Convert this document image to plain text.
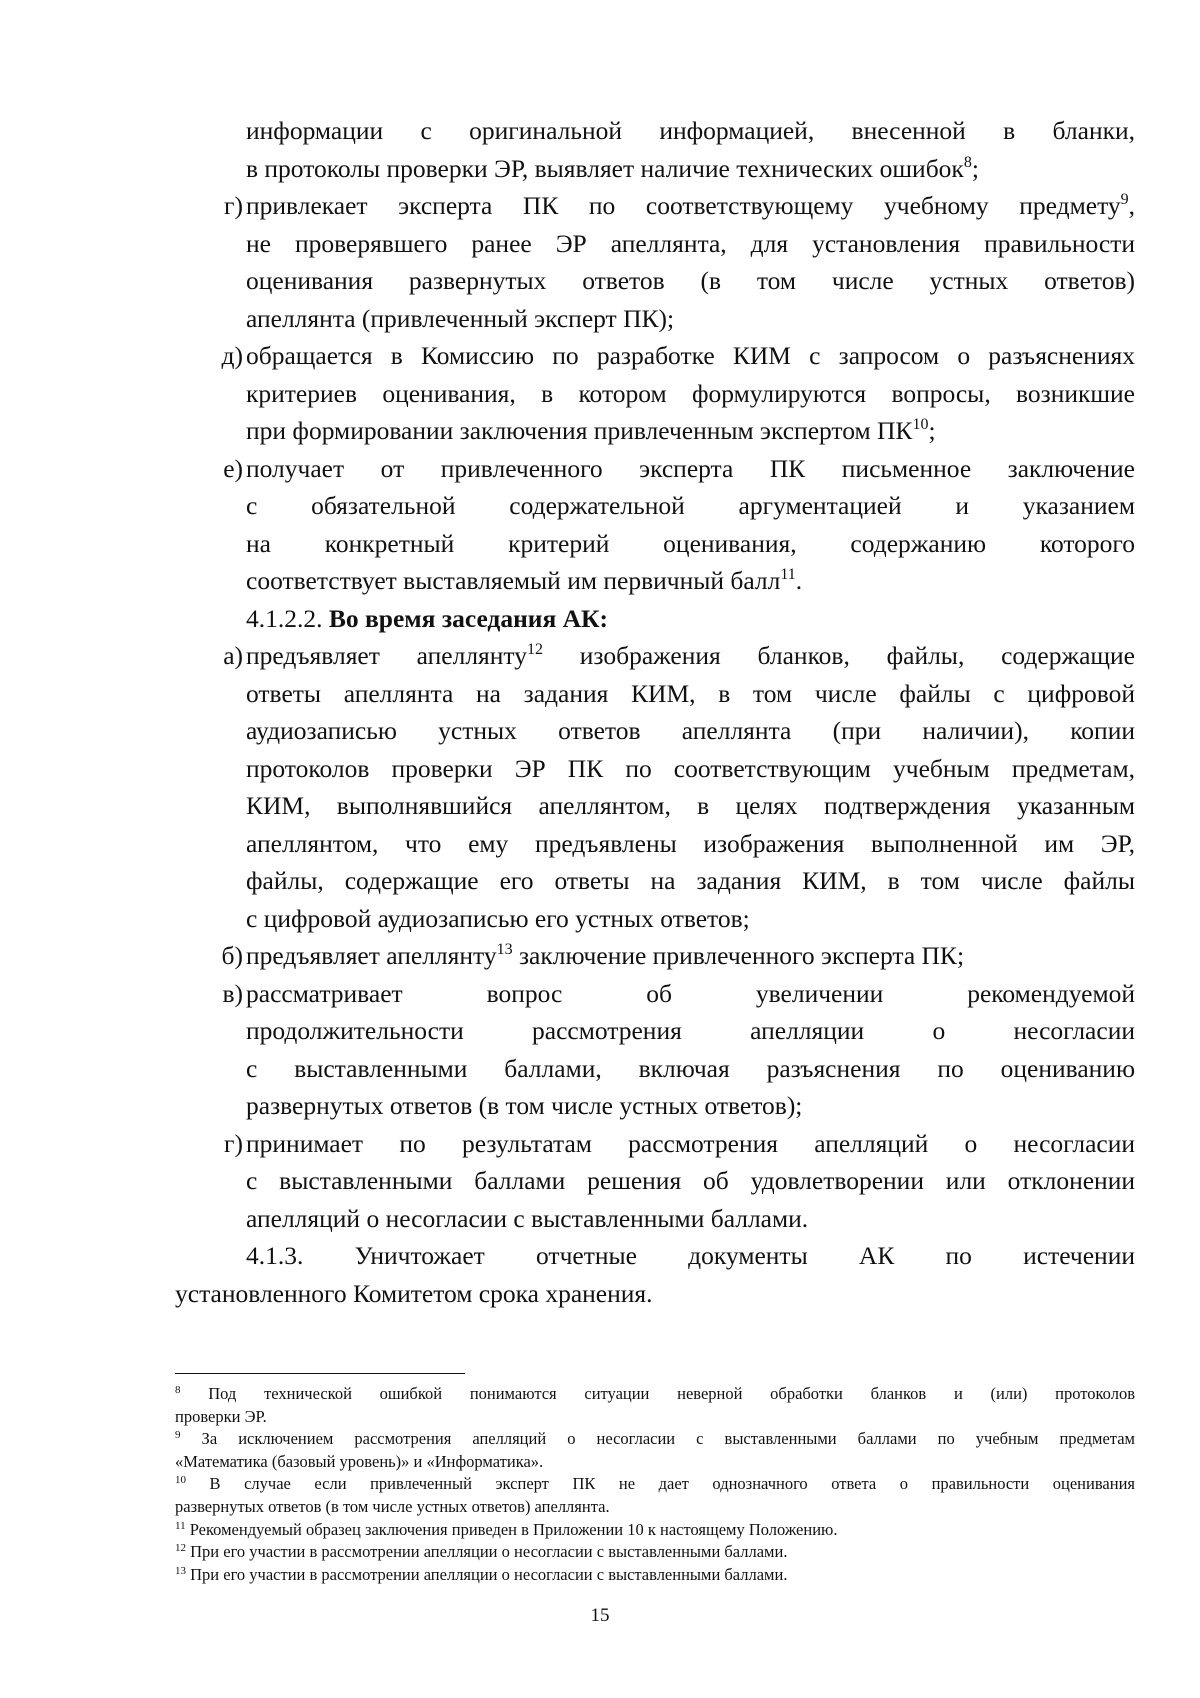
информации с оригинальной информацией, внесенной в бланки,
в протоколы проверки ЭР, выявляет наличие технических ошибок$^8$;
г) привлекает эксперта ПК по соответствующему учебному предмету$^9$,
не проверявшего ранее ЭР апеллянта, для установления правильности
оценивания развернутых ответов (в том числе устных ответов)
апеллянта (привлеченный эксперт ПК);
д) обращается в Комиссию по разработке КИМ с запросом о разъяснениях
критериев оценивания, в котором формулируются вопросы, возникшие
при формировании заключения привлеченным экспертом ПК$^{10}$;
е) получает от привлеченного эксперта ПК письменное заключение
с обязательной содержательной аргументацией и указанием
на конкретный критерий оценивания, содержанию которого
соответствует выставляемый им первичный балл$^{11}$.
4.1.2.2. Во время заседания АК:
а) предъявляет апеллянту$^{12}$ изображения бланков, файлы, содержащие
ответы апеллянта на задания КИМ, в том числе файлы с цифровой
аудиозаписью устных ответов апеллянта (при наличии), копии
протоколов проверки ЭР ПК по соответствующим учебным предметам,
КИМ, выполнявшийся апеллянтом, в целях подтверждения указанным
апеллянтом, что ему предъявлены изображения выполненной им ЭР,
файлы, содержащие его ответы на задания КИМ, в том числе файлы
с цифровой аудиозаписью его устных ответов;
б) предъявляет апеллянту$^{13}$ заключение привлеченного эксперта ПК;
в) рассматривает вопрос об увеличении рекомендуемой
продолжительности рассмотрения апелляции о несогласии
с выставленными баллами, включая разъяснения по оцениванию
развернутых ответов (в том числе устных ответов);
г) принимает по результатам рассмотрения апелляций о несогласии
с выставленными баллами решения об удовлетворении или отклонении
апелляций о несогласии с выставленными баллами.
4.1.3. Уничтожает отчетные документы АК по истечении
установленного Комитетом срока хранения.
$^8$ Под технической ошибкой понимаются ситуации неверной обработки бланков и (или) протоколов
проверки ЭР.
$^9$ За исключением рассмотрения апелляций о несогласии с выставленными баллами по учебным предметам
«Математика (базовый уровень)» и «Информатика».
$^{10}$ В случае если привлеченный эксперт ПК не дает однозначного ответа о правильности оценивания
развернутых ответов (в том числе устных ответов) апеллянта.
$^{11}$ Рекомендуемый образец заключения приведен в Приложении 10 к настоящему Положению.
$^{12}$ При его участии в рассмотрении апелляции о несогласии с выставленными баллами.
$^{13}$ При его участии в рассмотрении апелляции о несогласии с выставленными баллами.
15
